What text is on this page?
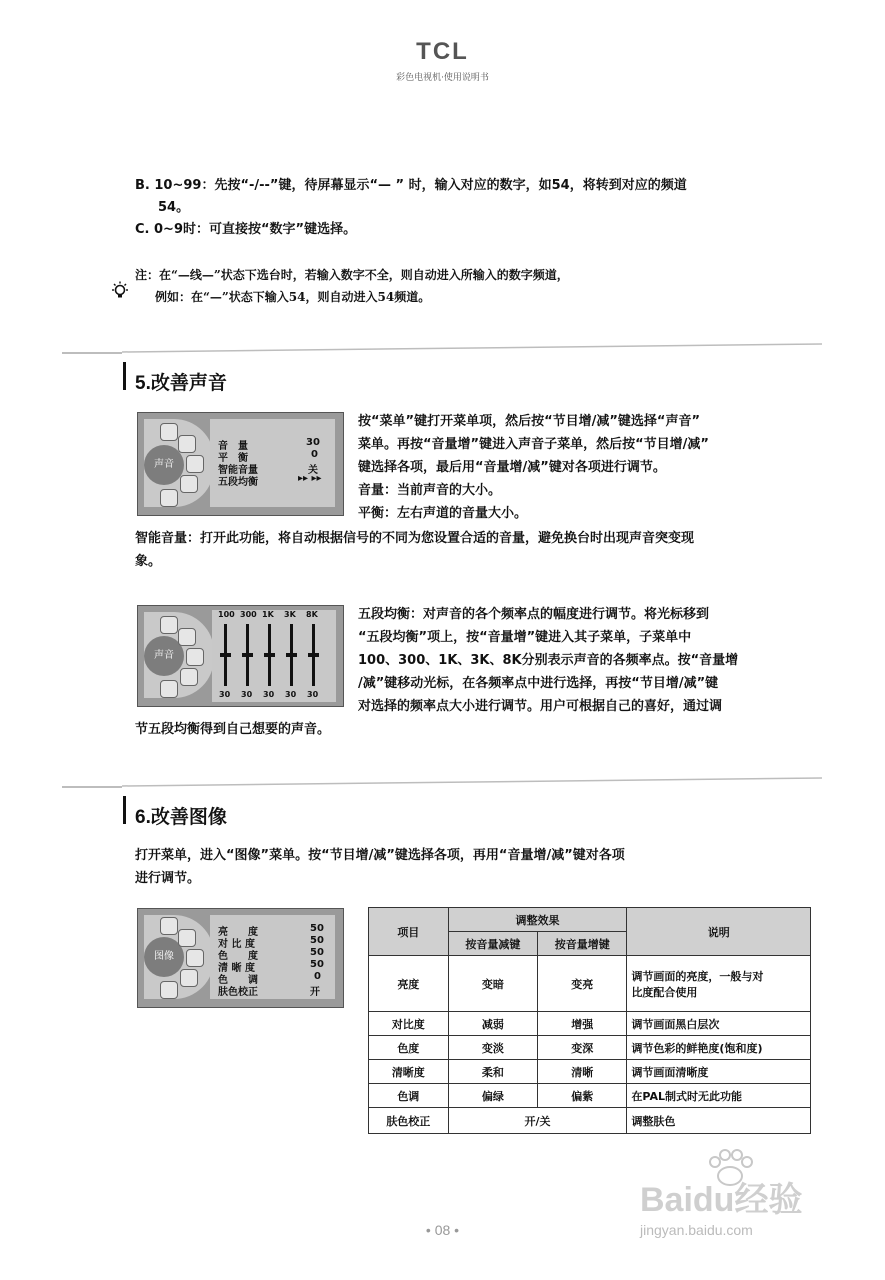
TCL
彩色电视机·使用说明书
B. 10~99：先按“-/--”键，待屏幕显示“— ” 时，输入对应的数字，如54，将转到对应的频道
54。
C. 0~9时：可直接按“数字”键选择。
注：在“—线—”状态下选台时，若输入数字不全，则自动进入所输入的数字频道，
例如：在“—”状态下输入54，则自动进入54频道。
5.改善声音
声音
音　量	30
平　衡	0
智能音量	关
五段均衡	▸▸ ▸▸
按“菜单”键打开菜单项，然后按“节目增/减”键选择“声音”
菜单。再按“音量增”键进入声音子菜单，然后按“节目增/减”
键选择各项，最后用“音量增/减”键对各项进行调节。
音量：当前声音的大小。
平衡：左右声道的音量大小。
智能音量：打开此功能，将自动根据信号的不同为您设置合适的音量，避免换台时出现声音突变现
象。
声音
100
30
300
30
1K
30
3K
30
8K
30
五段均衡：对声音的各个频率点的幅度进行调节。将光标移到
“五段均衡”项上，按“音量增”键进入其子菜单，子菜单中
100、300、1K、3K、8K分别表示声音的各频率点。按“音量增
/减”键移动光标，在各频率点中进行选择，再按“节目增/减”键
对选择的频率点大小进行调节。用户可根据自己的喜好，通过调
节五段均衡得到自己想要的声音。
6.改善图像
打开菜单，进入“图像”菜单。按“节目增/减”键选择各项，再用“音量增/减”键对各项
进行调节。
图像
亮　　度	50
对 比 度	50
色　　度	50
清 晰 度	50
色　　调	0
肤色校正	开
项目	调整效果		说明
	按音量减键	按音量增键	
亮度	变暗	变亮	调节画面的亮度，一般与对
比度配合使用

对比度	减弱	增强	调节画面黑白层次
色度	变淡	变深	调节色彩的鲜艳度(饱和度)
清晰度	柔和	清晰	调节画面清晰度
色调	偏绿	偏紫	在PAL制式时无此功能
肤色校正	开/关		调整肤色
• 08 •
Baidu经验
jingyan.baidu.com
